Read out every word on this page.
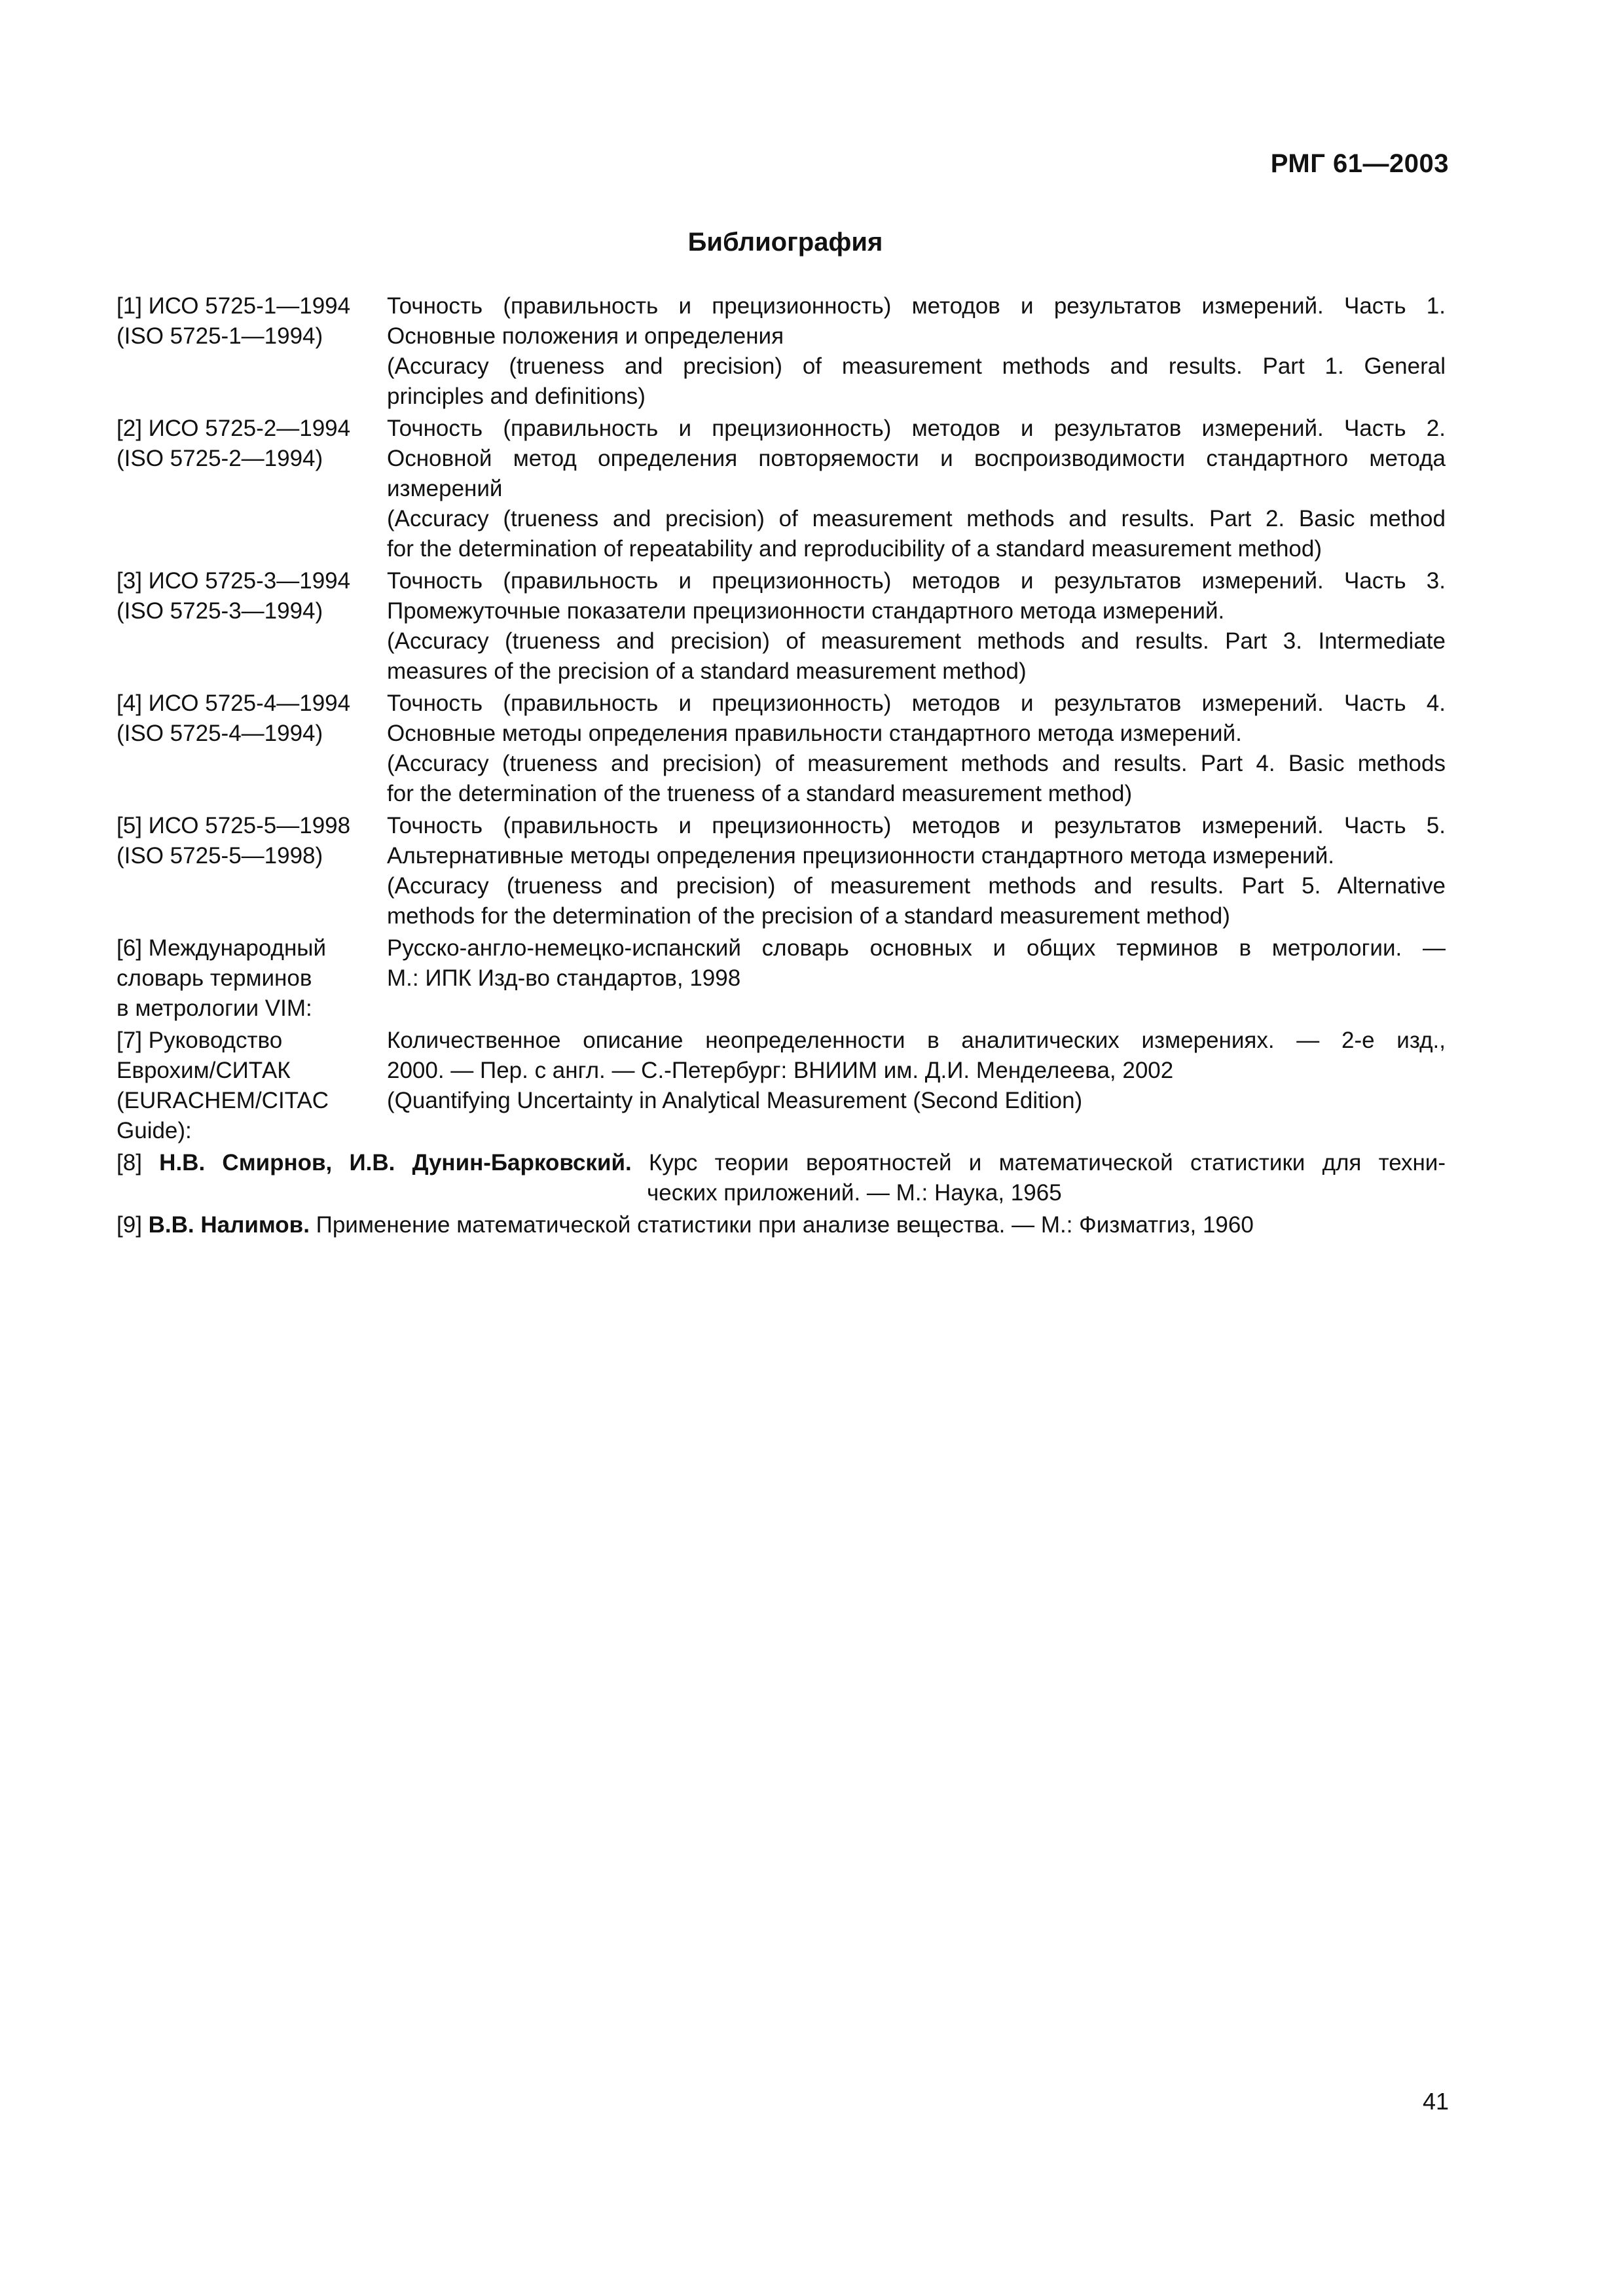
РМГ 61—2003
Библиография
[1] ИСО 5725-1—1994
(ISO 5725-1—1994)
Точность (правильность и прецизионность) методов и результатов измерений. Часть 1.
Основные положения и определения
(Accuracy (trueness and precision) of measurement methods and results. Part 1. General
principles and definitions)
[2] ИСО 5725-2—1994
(ISO 5725-2—1994)
Точность (правильность и прецизионность) методов и результатов измерений. Часть 2.
Основной метод определения повторяемости и воспроизводимости стандартного метода
измерений
(Accuracy (trueness and precision) of measurement methods and results. Part 2. Basic method
for the determination of repeatability and reproducibility of a standard measurement method)
[3] ИСО 5725-3—1994
(ISO 5725-3—1994)
Точность (правильность и прецизионность) методов и результатов измерений. Часть 3.
Промежуточные показатели прецизионности стандартного метода измерений.
(Accuracy (trueness and precision) of measurement methods and results. Part 3. Intermediate
measures of the precision of a standard measurement method)
[4] ИСО 5725-4—1994
(ISO 5725-4—1994)
Точность (правильность и прецизионность) методов и результатов измерений. Часть 4.
Основные методы определения правильности стандартного метода измерений.
(Accuracy (trueness and precision) of measurement methods and results. Part 4. Basic methods
for the determination of the trueness of a standard measurement method)
[5] ИСО 5725-5—1998
(ISO 5725-5—1998)
Точность (правильность и прецизионность) методов и результатов измерений. Часть 5.
Альтернативные методы определения прецизионности стандартного метода измерений.
(Accuracy (trueness and precision) of measurement methods and results. Part 5. Alternative
methods for the determination of the precision of a standard measurement method)
[6] Международный
словарь терминов
в метрологии VIM:
Русско-англо-немецко-испанский словарь основных и общих терминов в метрологии. —
М.: ИПК Изд-во стандартов, 1998
[7] Руководство
Еврохим/СИТАК
(EURACHEM/CITAC
Guide):
Количественное описание неопределенности в аналитических измерениях. — 2-е изд.,
2000. — Пер. с англ. — С.-Петербург: ВНИИМ им. Д.И. Менделеева, 2002
(Quantifying Uncertainty in Analytical Measurement (Second Edition)
[8] Н.В. Смирнов, И.В. Дунин-Барковский. Курс теории вероятностей и математической статистики для техни-
ческих приложений. — М.: Наука, 1965
[9] В.В. Налимов. Применение математической статистики при анализе вещества. — М.: Физматгиз, 1960
41
